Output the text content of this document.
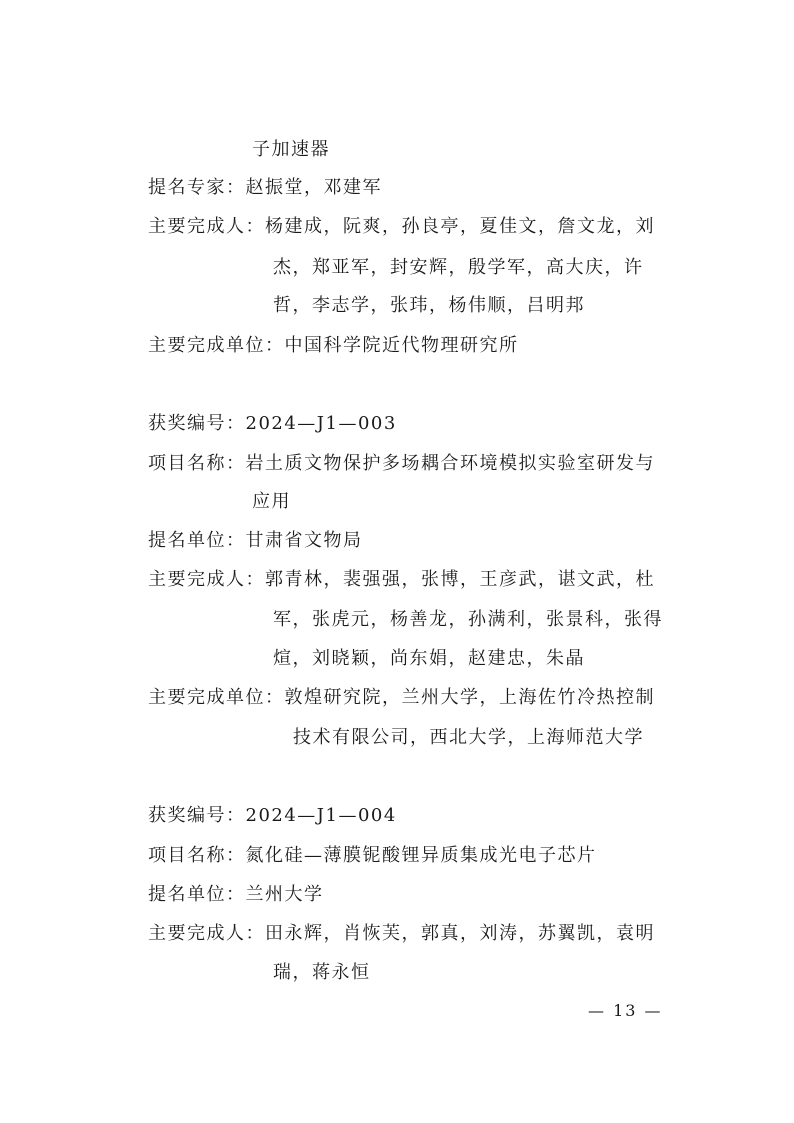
子加速器
提名专家：赵振堂，邓建军
主要完成人：杨建成，阮爽，孙良亭，夏佳文，詹文龙，刘
杰，郑亚军，封安辉，殷学军，高大庆，许
哲，李志学，张玮，杨伟顺，吕明邦
主要完成单位：中国科学院近代物理研究所
获奖编号：2024—J1—003
项目名称：岩土质文物保护多场耦合环境模拟实验室研发与
应用
提名单位：甘肃省文物局
主要完成人：郭青林，裴强强，张博，王彦武，谌文武，杜
军，张虎元，杨善龙，孙满利，张景科，张得
煊，刘晓颖，尚东娟，赵建忠，朱晶
主要完成单位：敦煌研究院，兰州大学，上海佐竹冷热控制
技术有限公司，西北大学，上海师范大学
获奖编号：2024—J1—004
项目名称：氮化硅—薄膜铌酸锂异质集成光电子芯片
提名单位：兰州大学
主要完成人：田永辉，肖恢芙，郭真，刘涛，苏翼凯，袁明
瑞，蒋永恒
— 13 —
